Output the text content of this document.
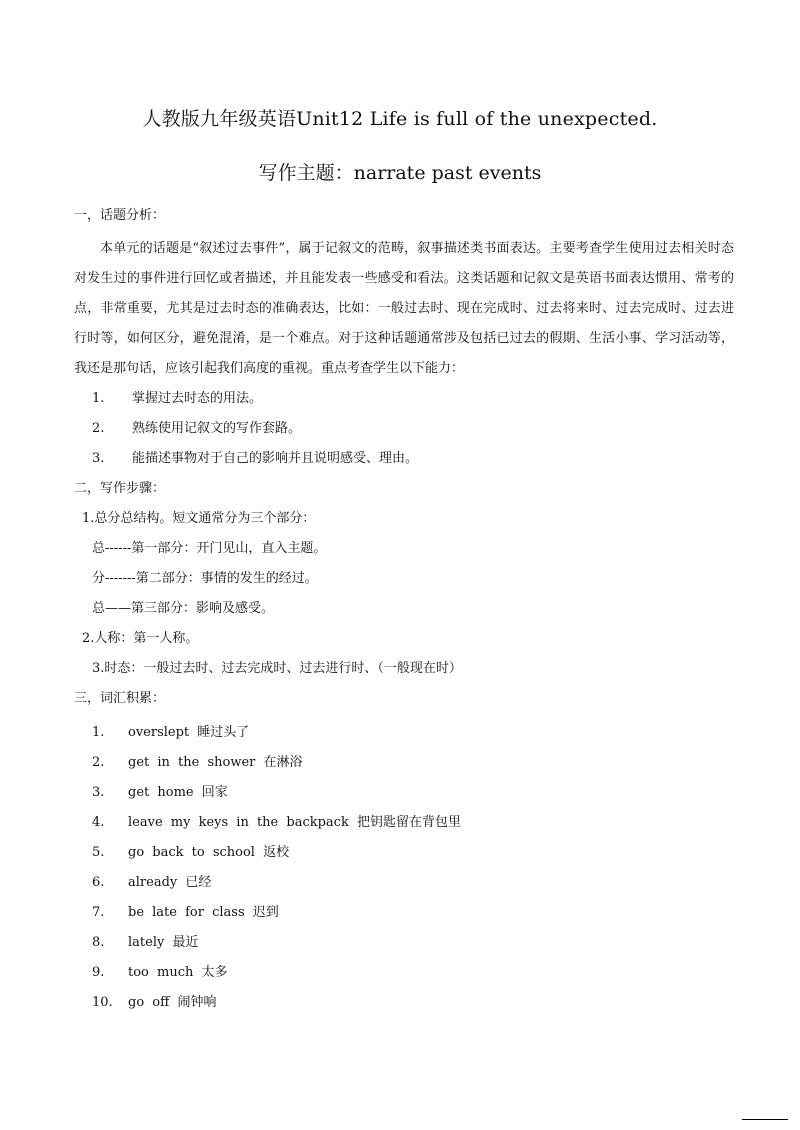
人教版九年级英语Unit12 Life is full of the unexpected.
写作主题：narrate past events

一，话题分析：

本单元的话题是“叙述过去事件”，属于记叙文的范畴，叙事描述类书面表达。主要考查学生使用过去相关时态对发生过的事件进行回忆或者描述，并且能发表一些感受和看法。这类话题和记叙文是英语书面表达惯用、常考的点，非常重要，尤其是过去时态的准确表达，比如：一般过去时、现在完成时、过去将来时、过去完成时、过去进行时等，如何区分，避免混淆，是一个难点。对于这种话题通常涉及包括已过去的假期、生活小事、学习活动等，我还是那句话，应该引起我们高度的重视。重点考查学生以下能力：

1.	掌握过去时态的用法。
2.	熟练使用记叙文的写作套路。
3.	能描述事物对于自己的影响并且说明感受、理由。

二，写作步骤：

1.总分总结构。短文通常分为三个部分：

总------第一部分：开门见山，直入主题。

分-------第二部分：事情的发生的经过。

总——第三部分：影响及感受。

2.人称：第一人称。

3.时态：一般过去时、过去完成时、过去进行时、（一般现在时）

三，词汇积累：

1.	overslept 睡过头了
2.	get in the shower 在淋浴
3.	get home 回家
4.	leave my keys in the backpack 把钥匙留在背包里
5.	go back to school 返校
6.	already 已经
7.	be late for class 迟到
8.	lately 最近
9.	too much 太多
10.	go off 闹钟响
